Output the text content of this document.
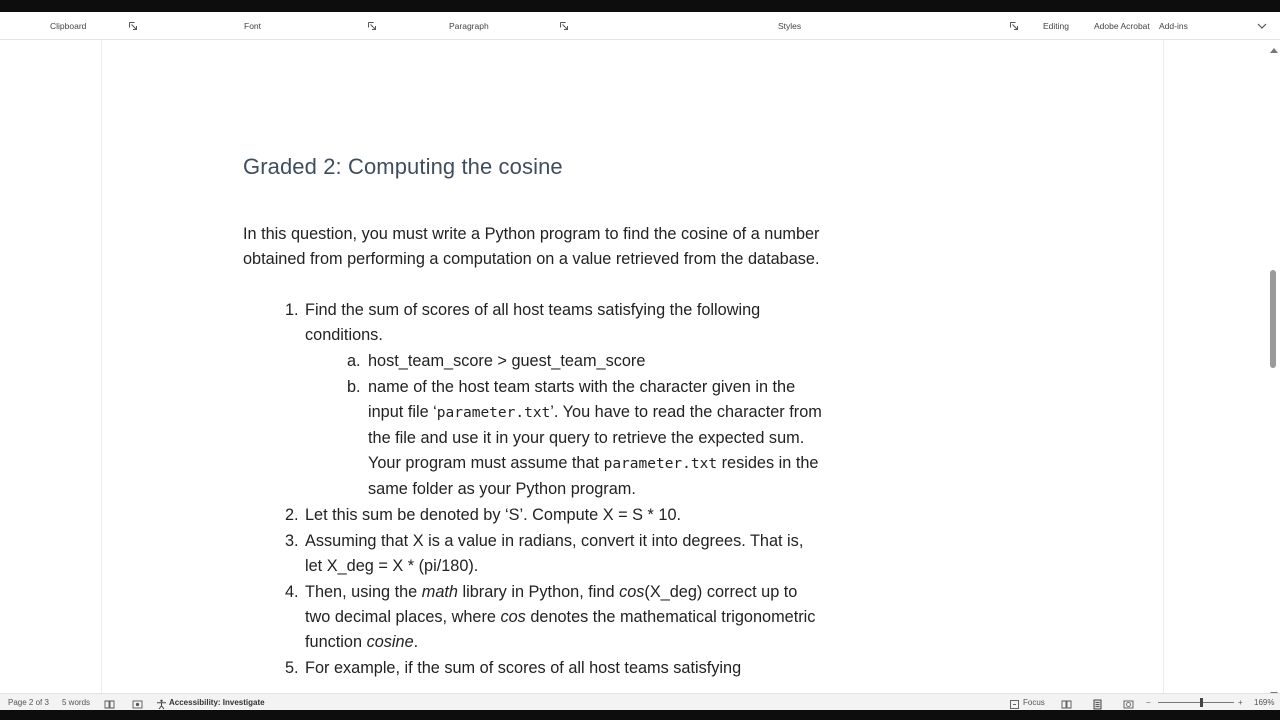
Clipboard	Font	Paragraph	Styles	Editing	Adobe Acrobat Add-ins
Graded 2: Computing the cosine

In this question, you must write a Python program to find the cosine of a number obtained from performing a computation on a value retrieved from the database.

1. Find the sum of scores of all host teams satisfying the following conditions.
a. host_team_score > guest_team_score
b. name of the host team starts with the character given in the input file ‘parameter.txt’. You have to read the character from the file and use it in your query to retrieve the expected sum.
Your program must assume that parameter.txt resides in the same folder as your Python program.
2. Let this sum be denoted by ‘S’. Compute X = S * 10.
3. Assuming that X is a value in radians, convert it into degrees. That is, let X_deg = X * (pi/180).
4. Then, using the math library in Python, find cos(X_deg) correct up to two decimal places, where cos denotes the mathematical trigonometric function cosine.
5. For example, if the sum of scores of all host teams satisfying
Page 2 of 3 5 words	Accessibility: Investigate	Focus	−	+ 169%
